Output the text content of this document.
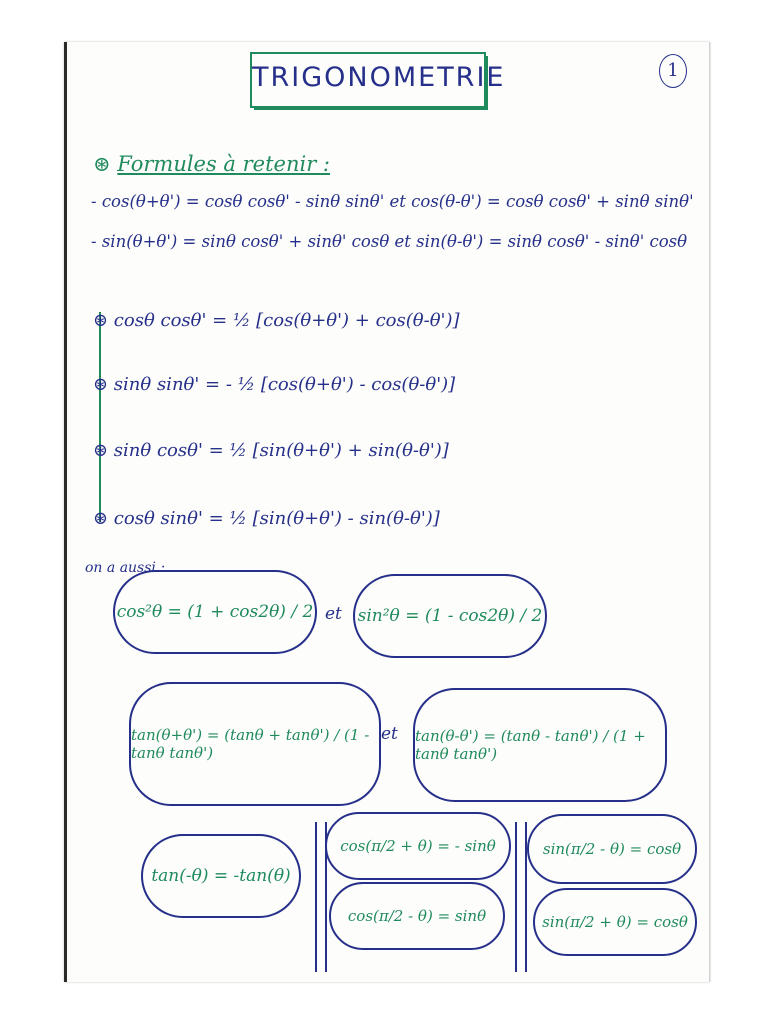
TRIGONOMETRIE	1
⊛ Formules à retenir :
- cos(θ+θ') = cosθ cosθ' - sinθ sinθ' et cos(θ-θ') = cosθ cosθ' + sinθ sinθ'
- sin(θ+θ') = sinθ cosθ' + sinθ' cosθ et sin(θ-θ') = sinθ cosθ' - sinθ' cosθ
⊛ cosθ cosθ' = ½ [cos(θ+θ') + cos(θ-θ')]
⊛ sinθ sinθ' = - ½ [cos(θ+θ') - cos(θ-θ')]
⊛ sinθ cosθ' = ½ [sin(θ+θ') + sin(θ-θ')]
⊛ cosθ sinθ' = ½ [sin(θ+θ') - sin(θ-θ')]
on a aussi :
cos²θ = (1 + cos2θ) / 2 et sin²θ = (1 - cos2θ) / 2
tan(θ+θ') = (tanθ + tanθ') / (1 - tanθ tanθ')
et tan(θ-θ') = (tanθ - tanθ') / (1 + tanθ tanθ')
tan(-θ) = -tan(θ)
cos(π/2 + θ) = - sinθ
cos(π/2 - θ) = sinθ
sin(π/2 - θ) = cosθ
sin(π/2 + θ) = cosθ
